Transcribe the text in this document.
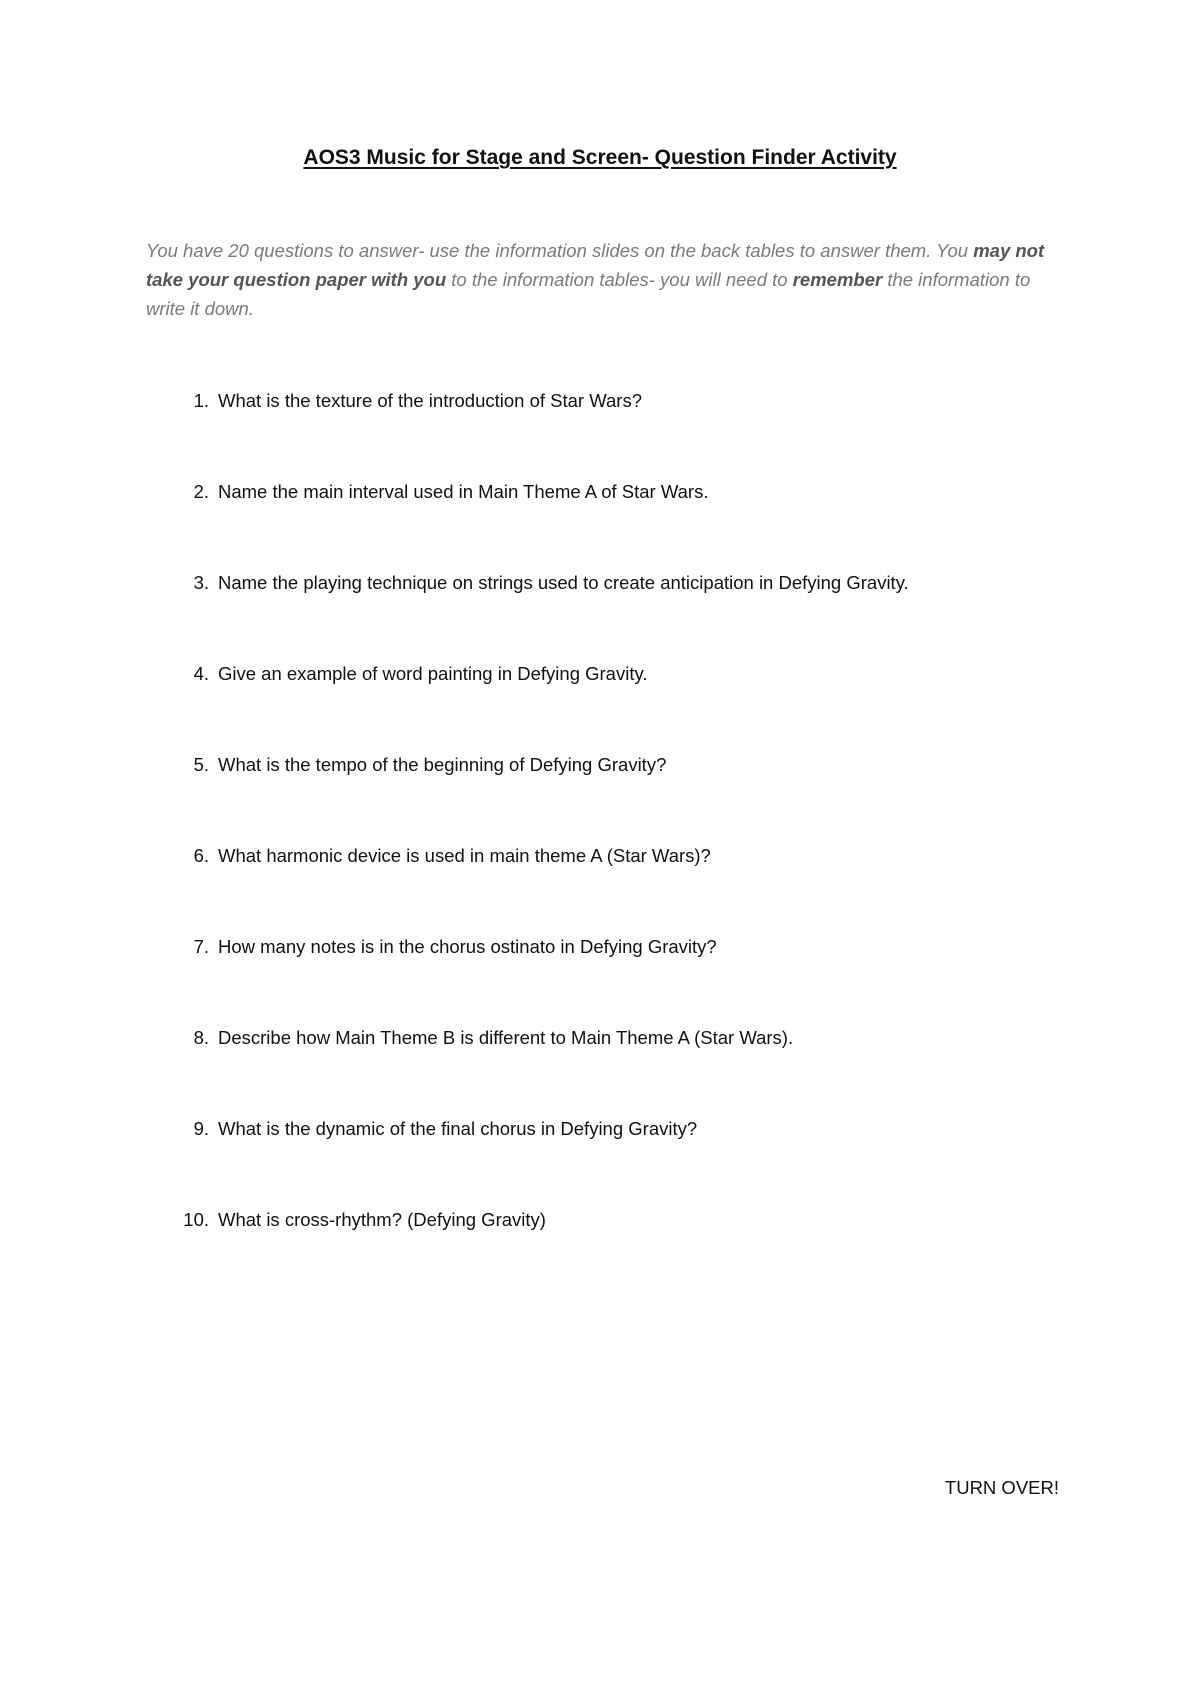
AOS3 Music for Stage and Screen- Question Finder Activity
You have 20 questions to answer- use the information slides on the back tables to answer them. You may not take your question paper with you to the information tables- you will need to remember the information to write it down.
1. What is the texture of the introduction of Star Wars?
2. Name the main interval used in Main Theme A of Star Wars.
3. Name the playing technique on strings used to create anticipation in Defying Gravity.
4. Give an example of word painting in Defying Gravity.
5. What is the tempo of the beginning of Defying Gravity?
6. What harmonic device is used in main theme A (Star Wars)?
7. How many notes is in the chorus ostinato in Defying Gravity?
8. Describe how Main Theme B is different to Main Theme A (Star Wars).
9. What is the dynamic of the final chorus in Defying Gravity?
10. What is cross-rhythm? (Defying Gravity)
TURN OVER!
